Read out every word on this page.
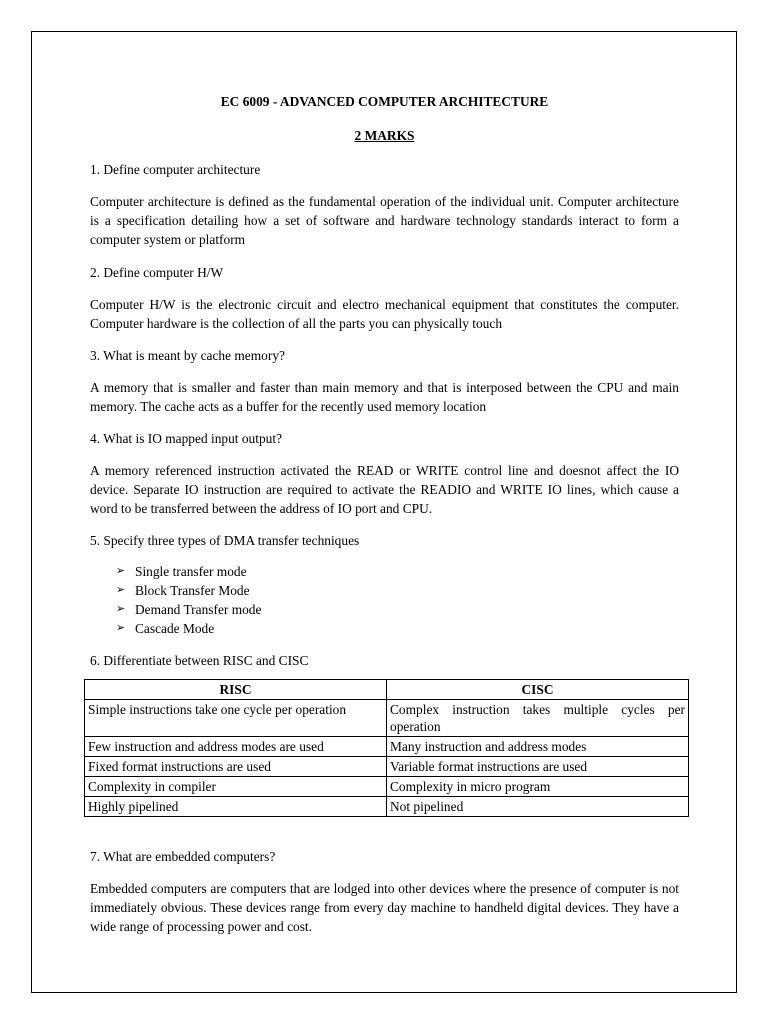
EC 6009 - ADVANCED COMPUTER ARCHITECTURE

2 MARKS

1. Define computer architecture

Computer architecture is defined as the fundamental operation of the individual unit. Computer architecture is a specification detailing how a set of software and hardware technology standards interact to form a computer system or platform

2. Define computer H/W

Computer H/W is the electronic circuit and electro mechanical equipment that constitutes the computer. Computer hardware is the collection of all the parts you can physically touch

3. What is meant by cache memory?

A memory that is smaller and faster than main memory and that is interposed between the CPU and main memory. The cache acts as a buffer for the recently used memory location

4. What is IO mapped input output?

A memory referenced instruction activated the READ or WRITE control line and doesnot affect the IO device. Separate IO instruction are required to activate the READIO and WRITE IO lines, which cause a word to be transferred between the address of IO port and CPU.

5. Specify three types of DMA transfer techniques

➢ Single transfer mode
➢ Block Transfer Mode
➢ Demand Transfer mode
➢ Cascade Mode

6. Differentiate between RISC and CISC

RISC	CISC
Simple instructions take one cycle per operation	Complex instruction takes multiple cycles per operation
Few instruction and address modes are used	Many instruction and address modes
Fixed format instructions are used	Variable format instructions are used
Complexity in compiler	Complexity in micro program
Highly pipelined	Not pipelined

7. What are embedded computers?

Embedded computers are computers that are lodged into other devices where the presence of computer is not immediately obvious. These devices range from every day machine to handheld digital devices. They have a wide range of processing power and cost.
